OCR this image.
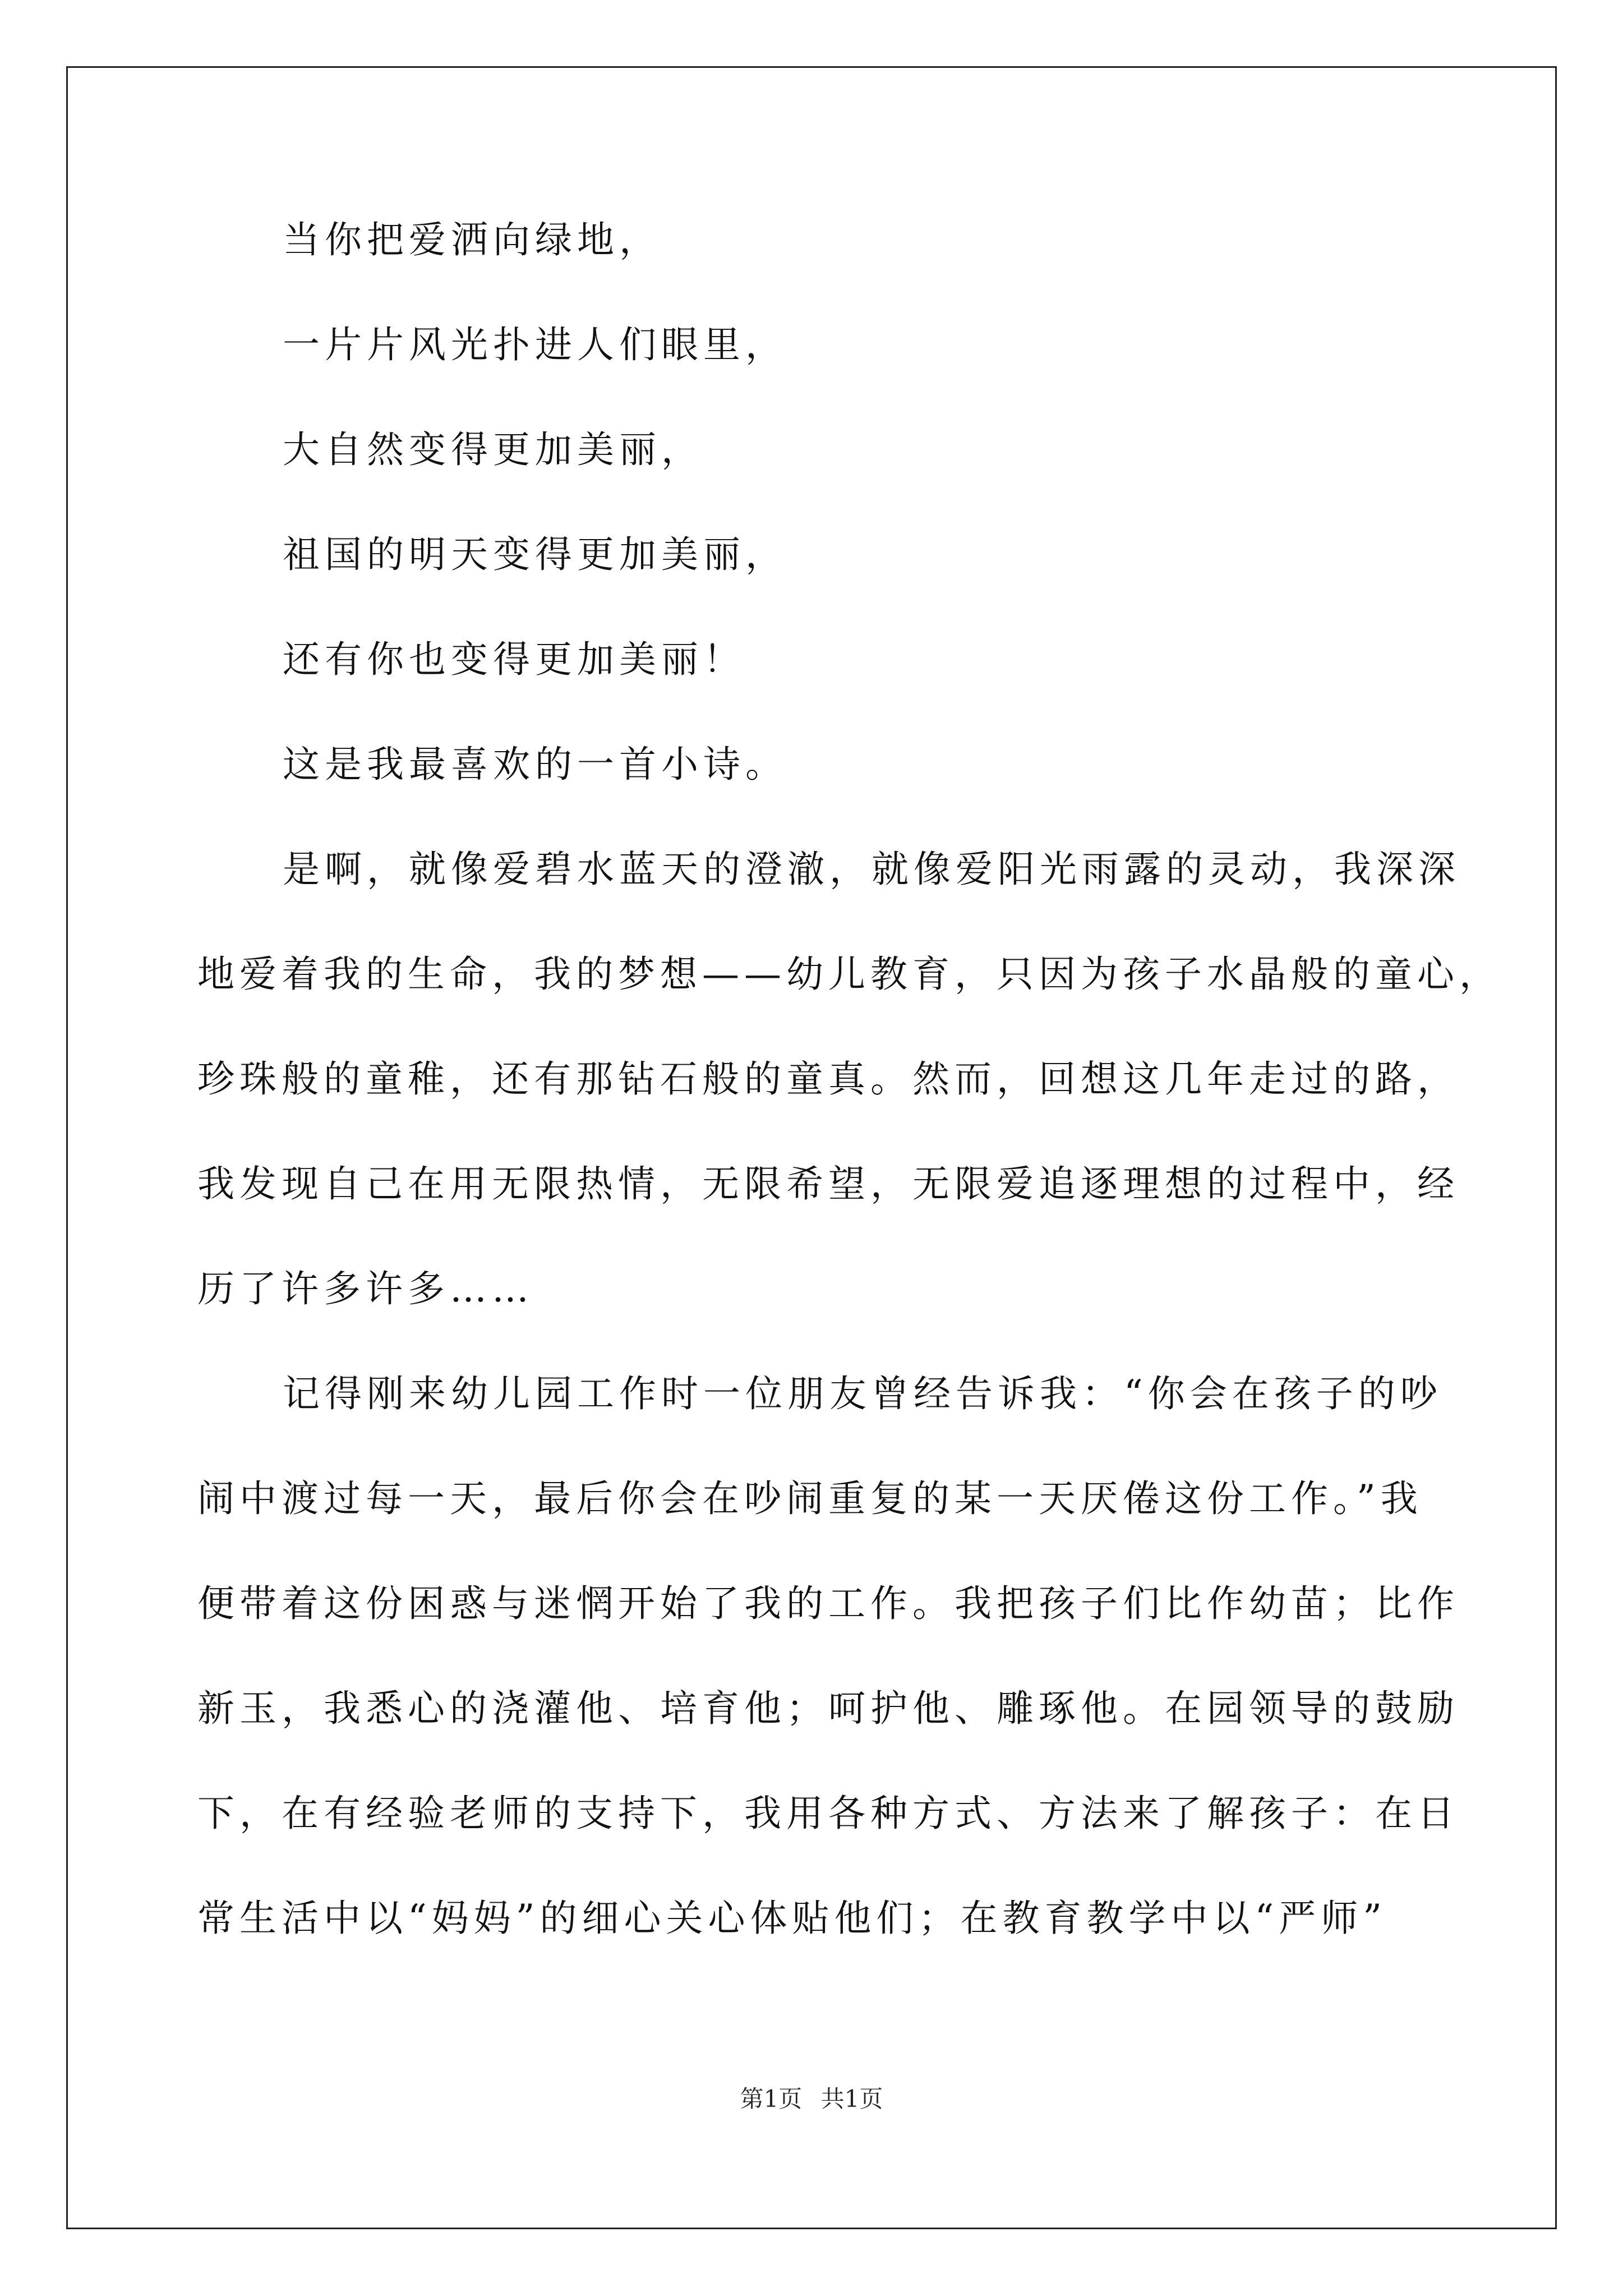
当你把爱洒向绿地，
一片片风光扑进人们眼里，
大自然变得更加美丽，
祖国的明天变得更加美丽，
还有你也变得更加美丽！
这是我最喜欢的一首小诗。
是啊，就像爱碧水蓝天的澄澈，就像爱阳光雨露的灵动，我深深
地爱着我的生命，我的梦想——幼儿教育，只因为孩子水晶般的童心，
珍珠般的童稚，还有那钻石般的童真。然而，回想这几年走过的路，
我发现自己在用无限热情，无限希望，无限爱追逐理想的过程中，经
历了许多许多……
记得刚来幼儿园工作时一位朋友曾经告诉我：“你会在孩子的吵
闹中渡过每一天，最后你会在吵闹重复的某一天厌倦这份工作。”我
便带着这份困惑与迷惘开始了我的工作。我把孩子们比作幼苗；比作
新玉，我悉心的浇灌他、培育他；呵护他、雕琢他。在园领导的鼓励
下，在有经验老师的支持下，我用各种方式、方法来了解孩子：在日
常生活中以“妈妈”的细心关心体贴他们；在教育教学中以“严师”
第1页 共1页
